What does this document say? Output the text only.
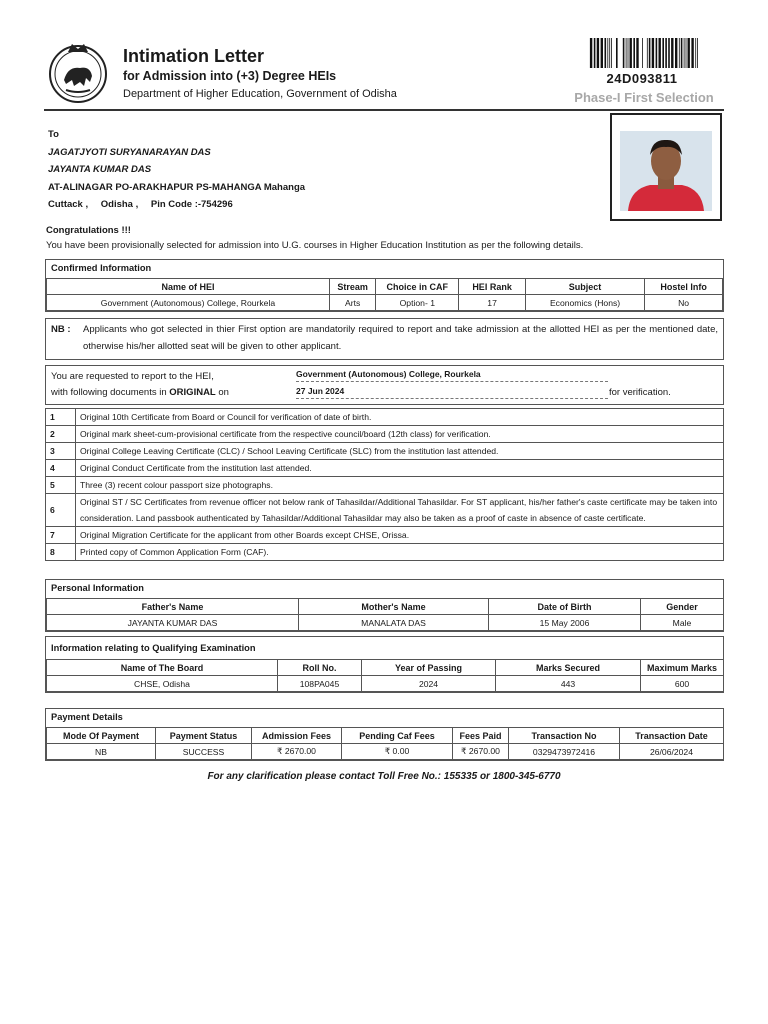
Intimation Letter
for Admission into (+3) Degree HEIs
Department of Higher Education, Government of Odisha
24D093811
Phase-I First Selection
To
JAGATJYOTI SURYANARAYAN DAS
JAYANTA KUMAR DAS
AT-ALINAGAR PO-ARAKHAPUR PS-MAHANGA Mahanga
Cuttack , Odisha , Pin Code :-754296
Congratulations !!!
You have been provisionally selected for admission into U.G. courses in Higher Education Institution as per the following details.
Confirmed Information
Name of HEI	Stream	Choice in CAF	HEI Rank	Subject	Hostel Info
Government (Autonomous) College, Rourkela	Arts	Option- 1	17	Economics (Hons)	No
NB :	Applicants who got selected in thier First option are mandatorily required to report and take admission at the allotted HEI as per the mentioned date, otherwise his/her allotted seat will be given to other applicant.
You are requested to report to the HEI,
with following documents in ORIGINAL on
Government (Autonomous) College, Rourkela
27 Jun 2024	for verification.
1	Original 10th Certificate from Board or Council for verification of date of birth.
2	Original mark sheet-cum-provisional certificate from the respective council/board (12th class) for verification.
3	Original College Leaving Certificate (CLC) / School Leaving Certificate (SLC) from the institution last attended.
4	Original Conduct Certificate from the institution last attended.
5	Three (3) recent colour passport size photographs.
6	Original ST / SC Certificates from revenue officer not below rank of Tahasildar/Additional Tahasildar. For ST applicant, his/her father's caste certificate may be taken into consideration. Land passbook authenticated by Tahasildar/Additional Tahasildar may also be taken as a proof of caste in absence of caste certificate.
7	Original Migration Certificate for the applicant from other Boards except CHSE, Orissa.
8	Printed copy of Common Application Form (CAF).
Personal Information
Father's Name	Mother's Name	Date of Birth	Gender
JAYANTA KUMAR DAS	MANALATA DAS	15 May 2006	Male
Information relating to Qualifying Examination
Name of The Board	Roll No.	Year of Passing	Marks Secured	Maximum Marks
CHSE, Odisha	108PA045	2024	443	600
Payment Details
Mode Of Payment	Payment Status	Admission Fees	Pending Caf Fees	Fees Paid	Transaction No	Transaction Date
NB	SUCCESS	₹ 2670.00	₹ 0.00	₹ 2670.00	0329473972416	26/06/2024
For any clarification please contact Toll Free No.: 155335 or 1800-345-6770
